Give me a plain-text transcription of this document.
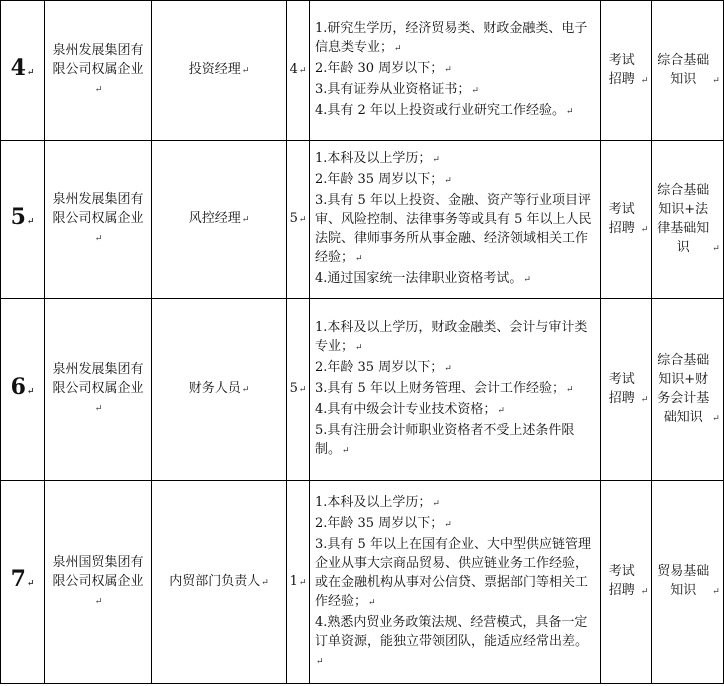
4↵	泉州发展集团有限公司权属企业↵	投资经理↵	4↵	1.研究生学历，经济贸易类、财政金融类、电子信息类专业；↵
2.年龄 30 周岁以下；↵
3.具有证券从业资格证书；↵
4.具有 2 年以上投资或行业研究工作经验。↵	考试招聘 ↵	综合基础知识 ↵
5↵	泉州发展集团有限公司权属企业↵	风控经理↵	5↵	1.本科及以上学历；↵
2.年龄 35 周岁以下；↵
3.具有 5 年以上投资、金融、资产等行业项目评审、风险控制、法律事务等或具有 5 年以上人民法院、律师事务所从事金融、经济领域相关工作经验；↵
4.通过国家统一法律职业资格考试。↵	考试招聘 ↵	综合基础知识+法律基础知识 ↵
6↵	泉州发展集团有限公司权属企业↵	财务人员↵	5↵	1.本科及以上学历，财政金融类、会计与审计类专业；↵
2.年龄 35 周岁以下；↵
3.具有 5 年以上财务管理、会计工作经验；↵
4.具有中级会计专业技术资格；↵
5.具有注册会计师职业资格者不受上述条件限制。↵	考试招聘 ↵	综合基础知识+财务会计基础知识 ↵
7↵	泉州国贸集团有限公司权属企业↵	内贸部门负责人↵	1↵	1.本科及以上学历；↵
2.年龄 35 周岁以下；↵
3.具有 5 年以上在国有企业、大中型供应链管理企业从事大宗商品贸易、供应链业务工作经验，或在金融机构从事对公信贷、票据部门等相关工作经验；↵
4.熟悉内贸业务政策法规、经营模式，具备一定订单资源，能独立带领团队，能适应经常出差。↵	考试招聘 ↵	贸易基础知识 ↵
